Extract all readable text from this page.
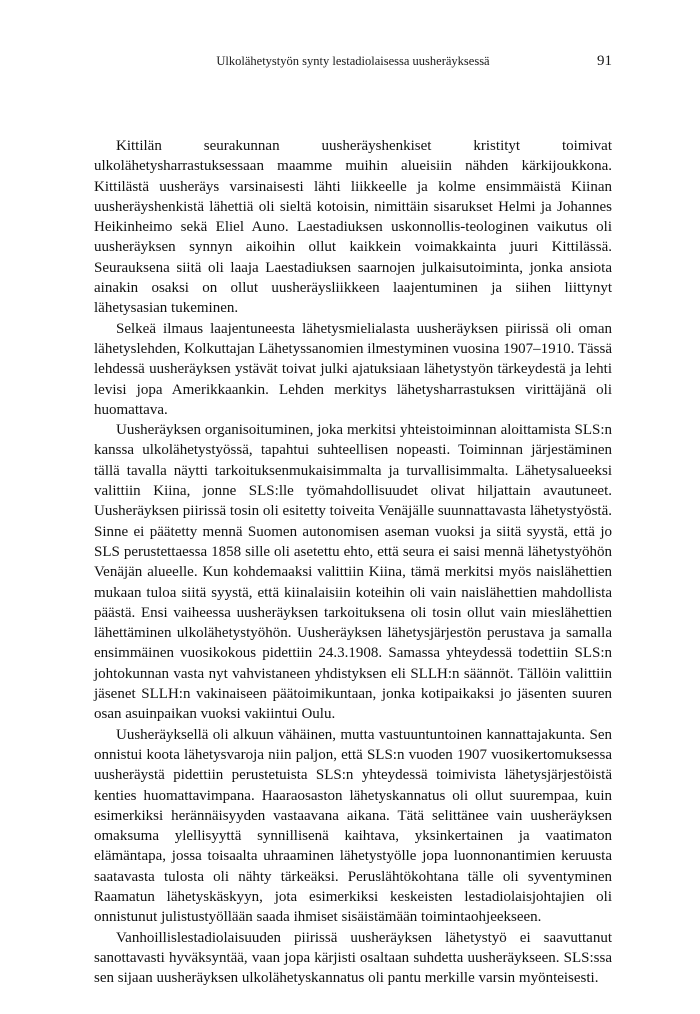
Ulkolähetystyön synty lestadiolaisessa uusheräyksessä	91

Kittilän seurakunnan uusheräyshenkiset kristityt toimivat ulkolähetysharrastuksessaan maamme muihin alueisiin nähden kärkijoukkona. Kittilästä uusheräys varsinaisesti lähti liikkeelle ja kolme ensimmäistä Kiinan uusheräyshenkistä lähettiä oli sieltä kotoisin, nimittäin sisarukset Helmi ja Johannes Heikinheimo sekä Eliel Auno. Laestadiuksen uskonnollis-teologinen vaikutus oli uusheräyksen synnyn aikoihin ollut kaikkein voimakkainta juuri Kittilässä. Seurauksena siitä oli laaja Laestadiuksen saarnojen julkaisutoiminta, jonka ansiota ainakin osaksi on ollut uusheräysliikkeen laajentuminen ja siihen liittynyt lähetysasian tukeminen.

Selkeä ilmaus laajentuneesta lähetysmielialasta uusheräyksen piirissä oli oman lähetyslehden, Kolkuttajan Lähetyssanomien ilmestyminen vuosina 1907–1910. Tässä lehdessä uusheräyksen ystävät toivat julki ajatuksiaan lähetystyön tärkeydestä ja lehti levisi jopa Amerikkaankin. Lehden merkitys lähetysharrastuksen virittäjänä oli huomattava.

Uusheräyksen organisoituminen, joka merkitsi yhteistoiminnan aloittamista SLS:n kanssa ulkolähetystyössä, tapahtui suhteellisen nopeasti. Toiminnan järjestäminen tällä tavalla näytti tarkoituksenmukaisimmalta ja turvallisimmalta. Lähetysalueeksi valittiin Kiina, jonne SLS:lle työmahdollisuudet olivat hiljattain avautuneet. Uusheräyksen piirissä tosin oli esitetty toiveita Venäjälle suunnattavasta lähetystyöstä. Sinne ei päätetty mennä Suomen autonomisen aseman vuoksi ja siitä syystä, että jo SLS perustettaessa 1858 sille oli asetettu ehto, että seura ei saisi mennä lähetystyöhön Venäjän alueelle. Kun kohdemaaksi valittiin Kiina, tämä merkitsi myös naislähettien mukaan tuloa siitä syystä, että kiinalaisiin koteihin oli vain naislähettien mahdollista päästä. Ensi vaiheessa uusheräyksen tarkoituksena oli tosin ollut vain mieslähettien lähettäminen ulkolähetystyöhön. Uusheräyksen lähetysjärjestön perustava ja samalla ensimmäinen vuosikokous pidettiin 24.3.1908. Samassa yhteydessä todettiin SLS:n johtokunnan vasta nyt vahvistaneen yhdistyksen eli SLLH:n säännöt. Tällöin valittiin jäsenet SLLH:n vakinaiseen päätoimikuntaan, jonka kotipaikaksi jo jäsenten suuren osan asuinpaikan vuoksi vakiintui Oulu.

Uusheräyksellä oli alkuun vähäinen, mutta vastuuntuntoinen kannattajakunta. Sen onnistui koota lähetysvaroja niin paljon, että SLS:n vuoden 1907 vuosikertomuksessa uusheräystä pidettiin perustetuista SLS:n yhteydessä toimivista lähetysjärjestöistä kenties huomattavimpana. Haaraosaston lähetyskannatus oli ollut suurempaa, kuin esimerkiksi herännäisyyden vastaavana aikana. Tätä selittänee vain uusheräyksen omaksuma ylellisyyttä synnillisenä kaihtava, yksinkertainen ja vaatimaton elämäntapa, jossa toisaalta uhraaminen lähetystyölle jopa luonnonantimien keruusta saatavasta tulosta oli nähty tärkeäksi. Peruslähtökohtana tälle oli syventyminen Raamatun lähetyskäskyyn, jota esimerkiksi keskeisten lestadiolaisjohtajien oli onnistunut julistustyöllään saada ihmiset sisäistämään toimintaohjeekseen.

Vanhoillislestadiolaisuuden piirissä uusheräyksen lähetystyö ei saavuttanut sanottavasti hyväksyntää, vaan jopa kärjisti osaltaan suhdetta uusheräykseen. SLS:ssa sen sijaan uusheräyksen ulkolähetyskannatus oli pantu merkille varsin myönteisesti.
